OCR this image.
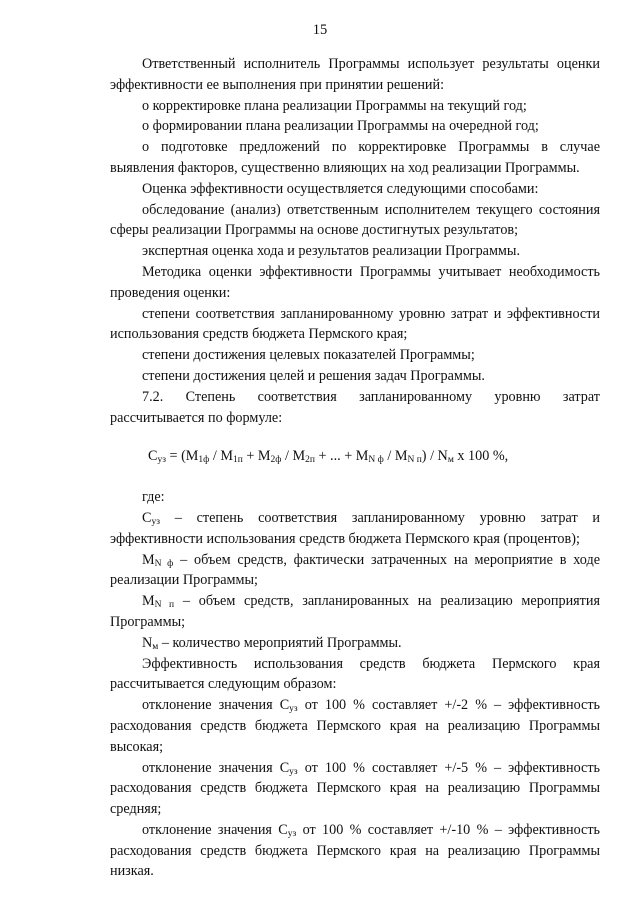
15

Ответственный исполнитель Программы использует результаты оценки эффективности ее выполнения при принятии решений:

о корректировке плана реализации Программы на текущий год;

о формировании плана реализации Программы на очередной год;

о подготовке предложений по корректировке Программы в случае выявления факторов, существенно влияющих на ход реализации Программы.

Оценка эффективности осуществляется следующими способами:

обследование (анализ) ответственным исполнителем текущего состояния сферы реализации Программы на основе достигнутых результатов;

экспертная оценка хода и результатов реализации Программы.

Методика оценки эффективности Программы учитывает необходимость проведения оценки:

степени соответствия запланированному уровню затрат и эффективности использования средств бюджета Пермского края;

степени достижения целевых показателей Программы;

степени достижения целей и решения задач Программы.

7.2. Степень соответствия запланированному уровню затрат рассчитывается по формуле:

$С_{уз} = (М_{1ф} / М_{1п} + М_{2ф} / М_{2п}$ + ... + $М_{N ф} / М_{N п}) / N_м$ x 100 %,

где:

$С_{уз}$ – степень соответствия запланированному уровню затрат и эффективности использования средств бюджета Пермского края (процентов);

$М_{N ф}$ – объем средств, фактически затраченных на мероприятие в ходе реализации Программы;

$М_{N п}$ – объем средств, запланированных на реализацию мероприятия Программы;

$N_м$ – количество мероприятий Программы.

Эффективность использования средств бюджета Пермского края рассчитывается следующим образом:

отклонение значения $С_{уз}$ от 100 % составляет +/-2 % – эффективность расходования средств бюджета Пермского края на реализацию Программы высокая;

отклонение значения $С_{уз}$ от 100 % составляет +/-5 % – эффективность расходования средств бюджета Пермского края на реализацию Программы средняя;

отклонение значения $С_{уз}$ от 100 % составляет +/-10 % – эффективность расходования средств бюджета Пермского края на реализацию Программы низкая.
